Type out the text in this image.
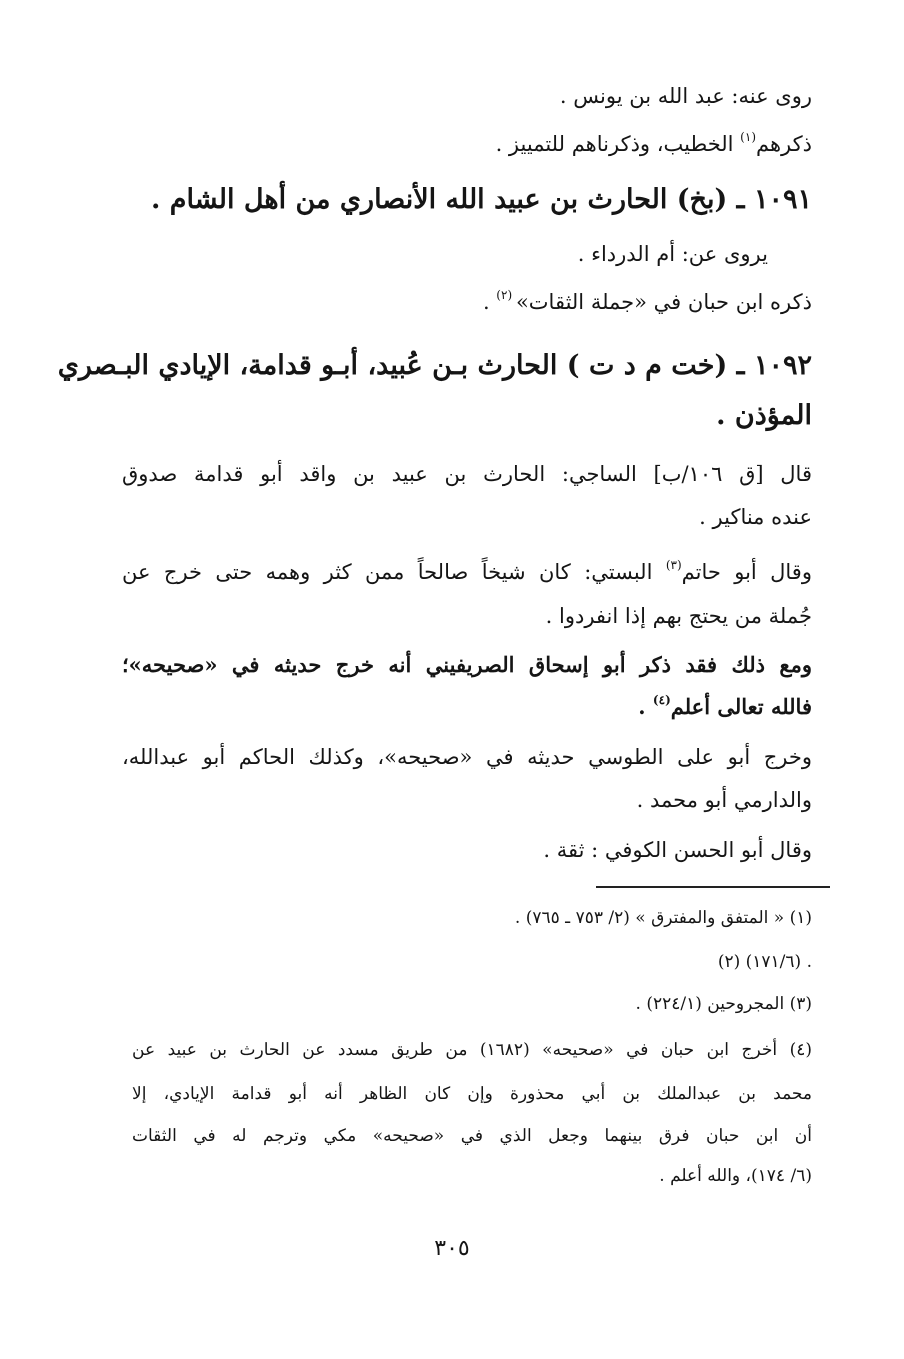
روى عنه: عبد الله بن يونس .
ذكرهم$^{(١)}$ الخطيب، وذكرناهم للتمييز .
١٠٩١ ـ (بخ) الحارث بن عبيد الله الأنصاري من أهل الشام .
يروى عن: أم الدرداء .
ذكره ابن حبان في «جملة الثقات» $^{(٢)}$ .
١٠٩٢ ـ (خت م د ت ) الحارث بـن عُبيد، أبـو قدامة، الإيادي البـصري
المؤذن .
قال [ق ١٠٦/ب] الساجي: الحارث بن عبيد بن واقد أبو قدامة صدوق
عنده مناكير .
وقال أبو حاتم$^{(٣)}$ البستي: كان شيخاً صالحاً ممن كثر وهمه حتى خرج عن
جُملة من يحتج بهم إذا انفردوا .
ومع ذلك فقد ذكر أبو إسحاق الصريفيني أنه خرج حديثه في «صحيحه»؛
فالله تعالى أعلم$^{(٤)}$ .
وخرج أبو على الطوسي حديثه في «صحيحه»، وكذلك الحاكم أبو عبدالله،
والدارمي أبو محمد .
وقال أبو الحسن الكوفي : ثقة .
(١) « المتفق والمفترق » (٢/ ٧٥٣ ـ ٧٦٥) .
(٢) (١٧١/٦) .
(٣) المجروحين (٢٢٤/١) .
(٤) أخرج ابن حبان في «صحيحه» (١٦٨٢) من طريق مسدد عن الحارث بن عبيد عن
محمد بن عبدالملك بن أبي محذورة وإن كان الظاهر أنه أبو قدامة الإيادي، إلا
أن ابن حبان فرق بينهما وجعل الذي في «صحيحه» مكي وترجم له في الثقات
(٦/ ١٧٤)، والله أعلم .
٣٠٥
